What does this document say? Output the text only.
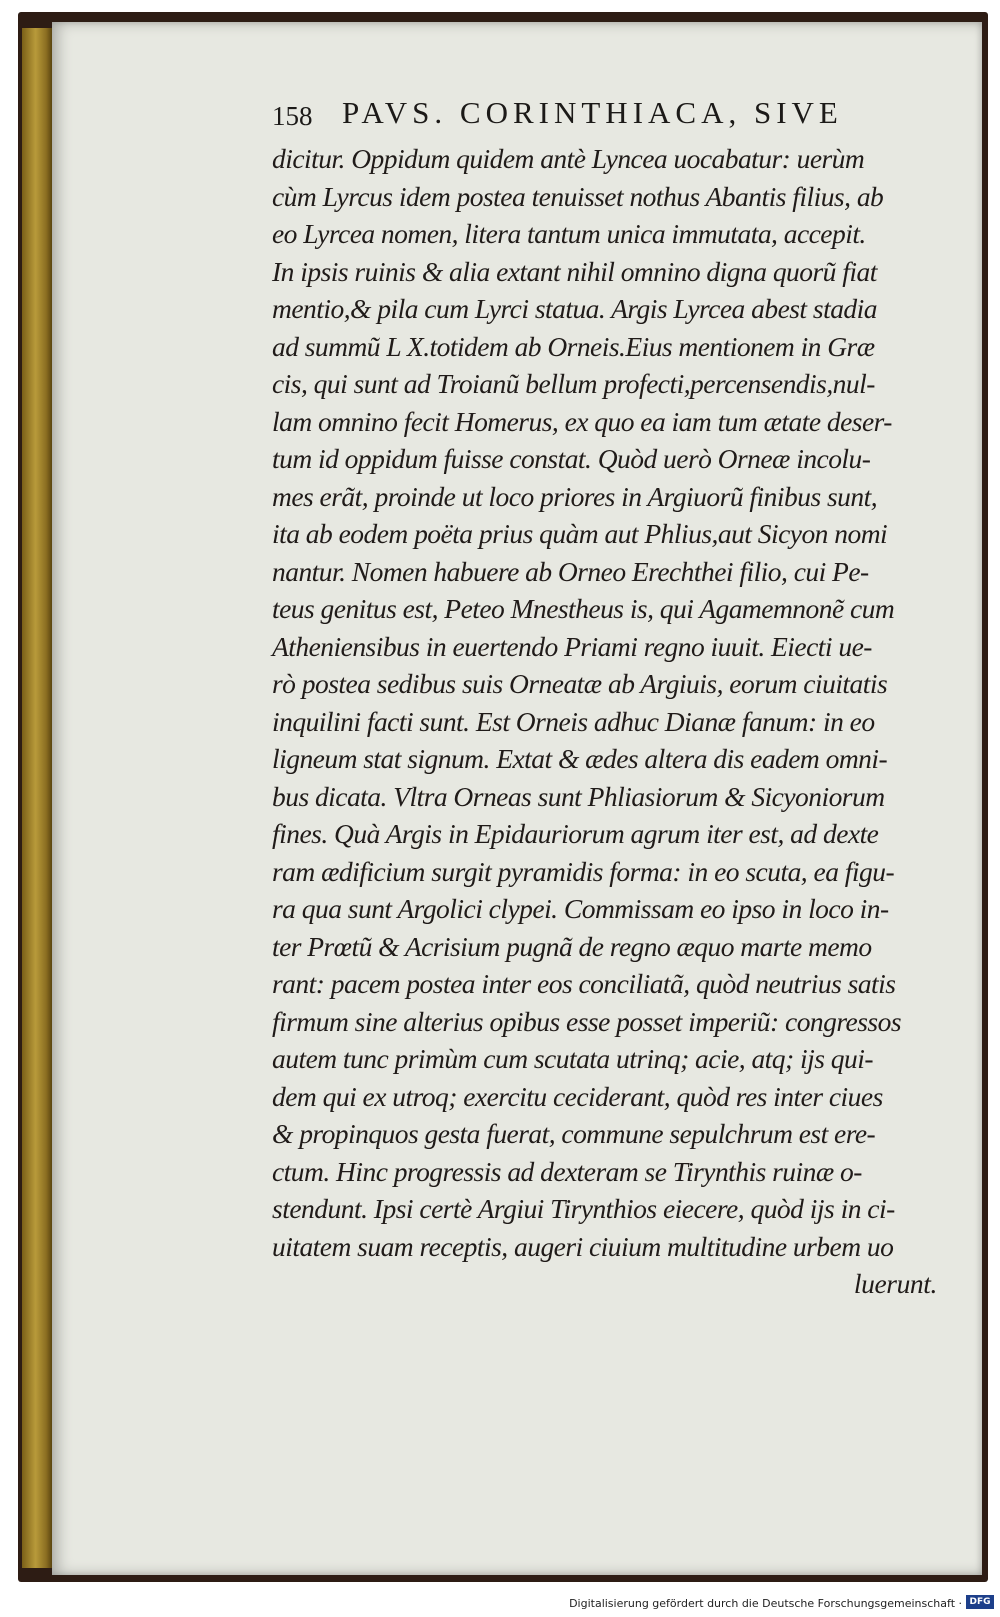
158 PAVS. CORINTHIACA, SIVE
dicitur. Oppidum quidem antè Lyncea uocabatur: uerùm
cùm Lyrcus idem postea tenuisset nothus Abantis filius, ab
eo Lyrcea nomen, litera tantum unica immutata, accepit.
In ipsis ruinis & alia extant nihil omnino digna quorũ fiat
mentio,& pila cum Lyrci statua. Argis Lyrcea abest stadia
ad summũ L X.totidem ab Orneis.Eius mentionem in Græ
cis, qui sunt ad Troianũ bellum profecti,percensendis,nul-
lam omnino fecit Homerus, ex quo ea iam tum ætate deser-
tum id oppidum fuisse constat. Quòd uerò Orneæ incolu-
mes erãt, proinde ut loco priores in Argiuorũ finibus sunt,
ita ab eodem poëta prius quàm aut Phlius,aut Sicyon nomi
nantur. Nomen habuere ab Orneo Erechthei filio, cui Pe-
teus genitus est, Peteo Mnestheus is, qui Agamemnonẽ cum
Atheniensibus in euertendo Priami regno iuuit. Eiecti ue-
rò postea sedibus suis Orneatæ ab Argiuis, eorum ciuitatis
inquilini facti sunt. Est Orneis adhuc Dianæ fanum: in eo
ligneum stat signum. Extat & ædes altera dis eadem omni-
bus dicata. Vltra Orneas sunt Phliasiorum & Sicyoniorum
fines. Quà Argis in Epidauriorum agrum iter est, ad dexte
ram ædificium surgit pyramidis forma: in eo scuta, ea figu-
ra qua sunt Argolici clypei. Commissam eo ipso in loco in-
ter Prœtũ & Acrisium pugnã de regno æquo marte memo
rant: pacem postea inter eos conciliatã, quòd neutrius satis
firmum sine alterius opibus esse posset imperiũ: congressos
autem tunc primùm cum scutata utrinq; acie, atq; ijs qui-
dem qui ex utroq; exercitu ceciderant, quòd res inter ciues
& propinquos gesta fuerat, commune sepulchrum est ere-
ctum. Hinc progressis ad dexteram se Tirynthis ruinæ o-
stendunt. Ipsi certè Argiui Tirynthios eiecere, quòd ijs in ci-
uitatem suam receptis, augeri ciuium multitudine urbem uo
luerunt.
Digitalisierung gefördert durch die Deutsche Forschungsgemeinschaft · DFG
